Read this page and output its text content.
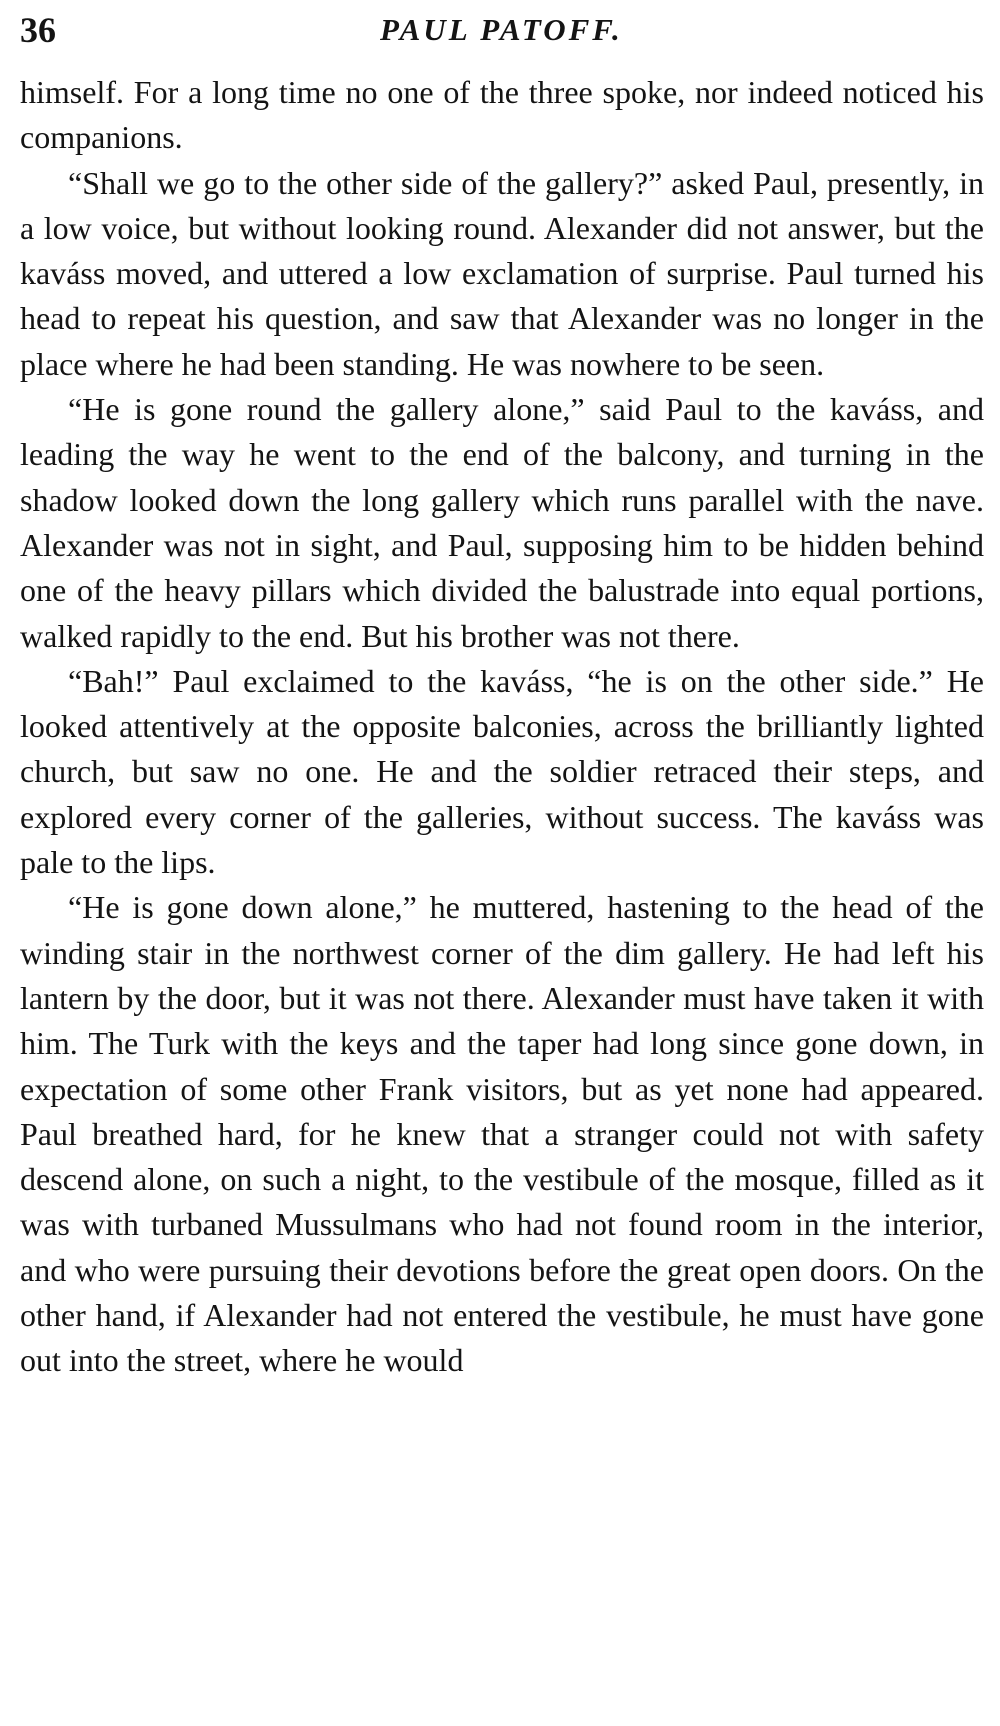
36	PAUL PATOFF.

himself. For a long time no one of the three spoke, nor indeed noticed his companions.

“Shall we go to the other side of the gallery?” asked Paul, presently, in a low voice, but without looking round. Alexander did not answer, but the kaváss moved, and uttered a low exclamation of surprise. Paul turned his head to repeat his question, and saw that Alexander was no longer in the place where he had been standing. He was nowhere to be seen.

“He is gone round the gallery alone,” said Paul to the kaváss, and leading the way he went to the end of the balcony, and turning in the shadow looked down the long gallery which runs parallel with the nave. Alexander was not in sight, and Paul, supposing him to be hidden behind one of the heavy pillars which divided the balustrade into equal portions, walked rapidly to the end. But his brother was not there.

“Bah!” Paul exclaimed to the kaváss, “he is on the other side.” He looked attentively at the opposite balconies, across the brilliantly lighted church, but saw no one. He and the soldier retraced their steps, and explored every corner of the galleries, without success. The kaváss was pale to the lips.

“He is gone down alone,” he muttered, hastening to the head of the winding stair in the northwest corner of the dim gallery. He had left his lantern by the door, but it was not there. Alexander must have taken it with him. The Turk with the keys and the taper had long since gone down, in expectation of some other Frank visitors, but as yet none had appeared. Paul breathed hard, for he knew that a stranger could not with safety descend alone, on such a night, to the vestibule of the mosque, filled as it was with turbaned Mussulmans who had not found room in the interior, and who were pursuing their devotions before the great open doors. On the other hand, if Alexander had not entered the vestibule, he must have gone out into the street, where he would
